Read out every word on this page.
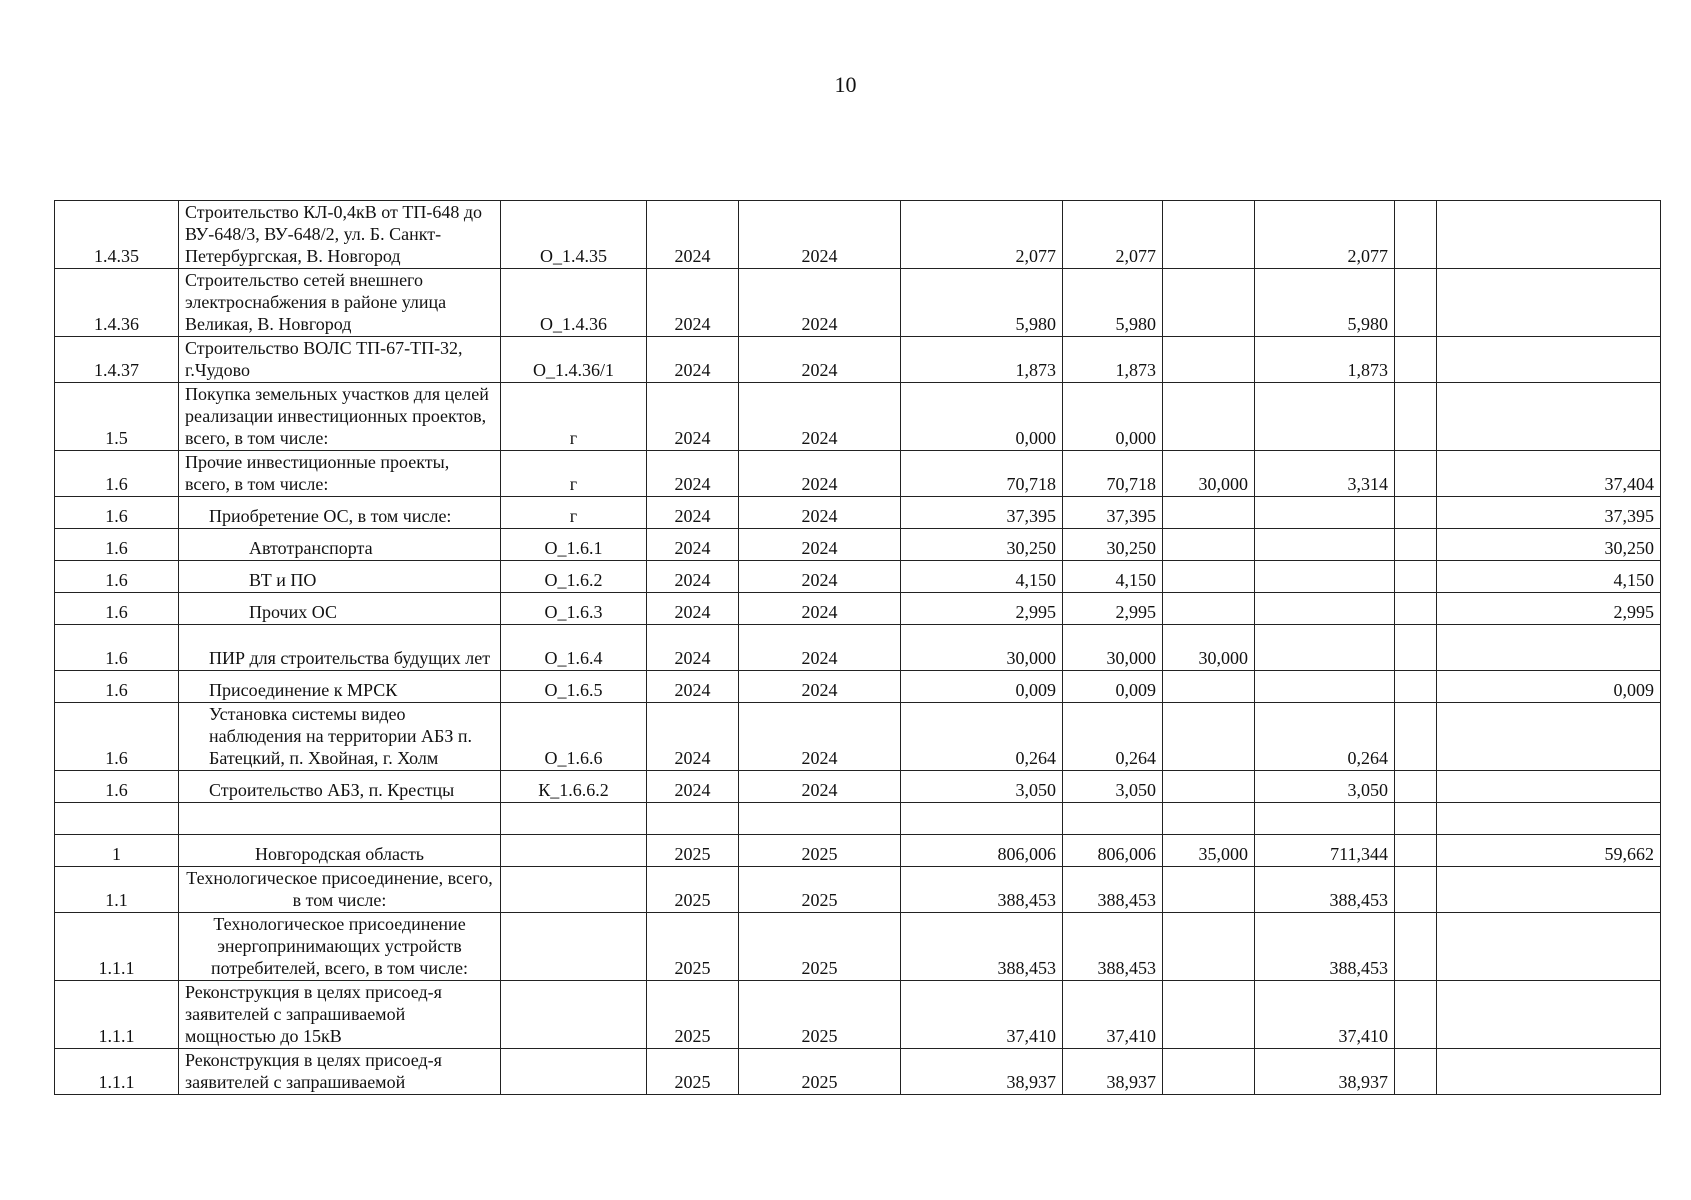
10
1.4.35	Строительство КЛ-0,4кВ от ТП-648 до ВУ-648/3, ВУ-648/2, ул. Б. Санкт-Петербургская, В. Новгород	О_1.4.35	2024	2024	2,077	2,077		2,077		
1.4.36	Строительство сетей внешнего электроснабжения в районе улица Великая, В. Новгород	О_1.4.36	2024	2024	5,980	5,980		5,980		
1.4.37	Строительство ВОЛС ТП-67-ТП-32, г.Чудово	О_1.4.36/1	2024	2024	1,873	1,873		1,873		
1.5	Покупка земельных участков для целей реализации инвестиционных проектов, всего, в том числе:	г	2024	2024	0,000	0,000				
1.6	Прочие инвестиционные проекты, всего, в том числе:	г	2024	2024	70,718	70,718	30,000	3,314		37,404
1.6	Приобретение ОС, в том числе:	г	2024	2024	37,395	37,395				37,395
1.6	Автотранспорта	О_1.6.1	2024	2024	30,250	30,250				30,250
1.6	ВТ и ПО	О_1.6.2	2024	2024	4,150	4,150				4,150
1.6	Прочих ОС	О_1.6.3	2024	2024	2,995	2,995				2,995
1.6	ПИР для строительства будущих лет	О_1.6.4	2024	2024	30,000	30,000	30,000			
1.6	Присоединение к МРСК	О_1.6.5	2024	2024	0,009	0,009				0,009
1.6	Установка системы видео наблюдения на территории АБЗ п. Батецкий, п. Хвойная, г. Холм	О_1.6.6	2024	2024	0,264	0,264		0,264		
1.6	Строительство АБЗ, п. Крестцы	К_1.6.6.2	2024	2024	3,050	3,050		3,050		

1	Новгородская область		2025	2025	806,006	806,006	35,000	711,344		59,662
1.1	Технологическое присоединение, всего, в том числе:		2025	2025	388,453	388,453		388,453		
1.1.1	Технологическое присоединение энергопринимающих устройств потребителей, всего, в том числе:		2025	2025	388,453	388,453		388,453		
1.1.1	Реконструкция в целях присоед-я заявителей с запрашиваемой мощностью до 15кВ		2025	2025	37,410	37,410		37,410		
1.1.1	Реконструкция в целях присоед-я заявителей с запрашиваемой		2025	2025	38,937	38,937		38,937		
